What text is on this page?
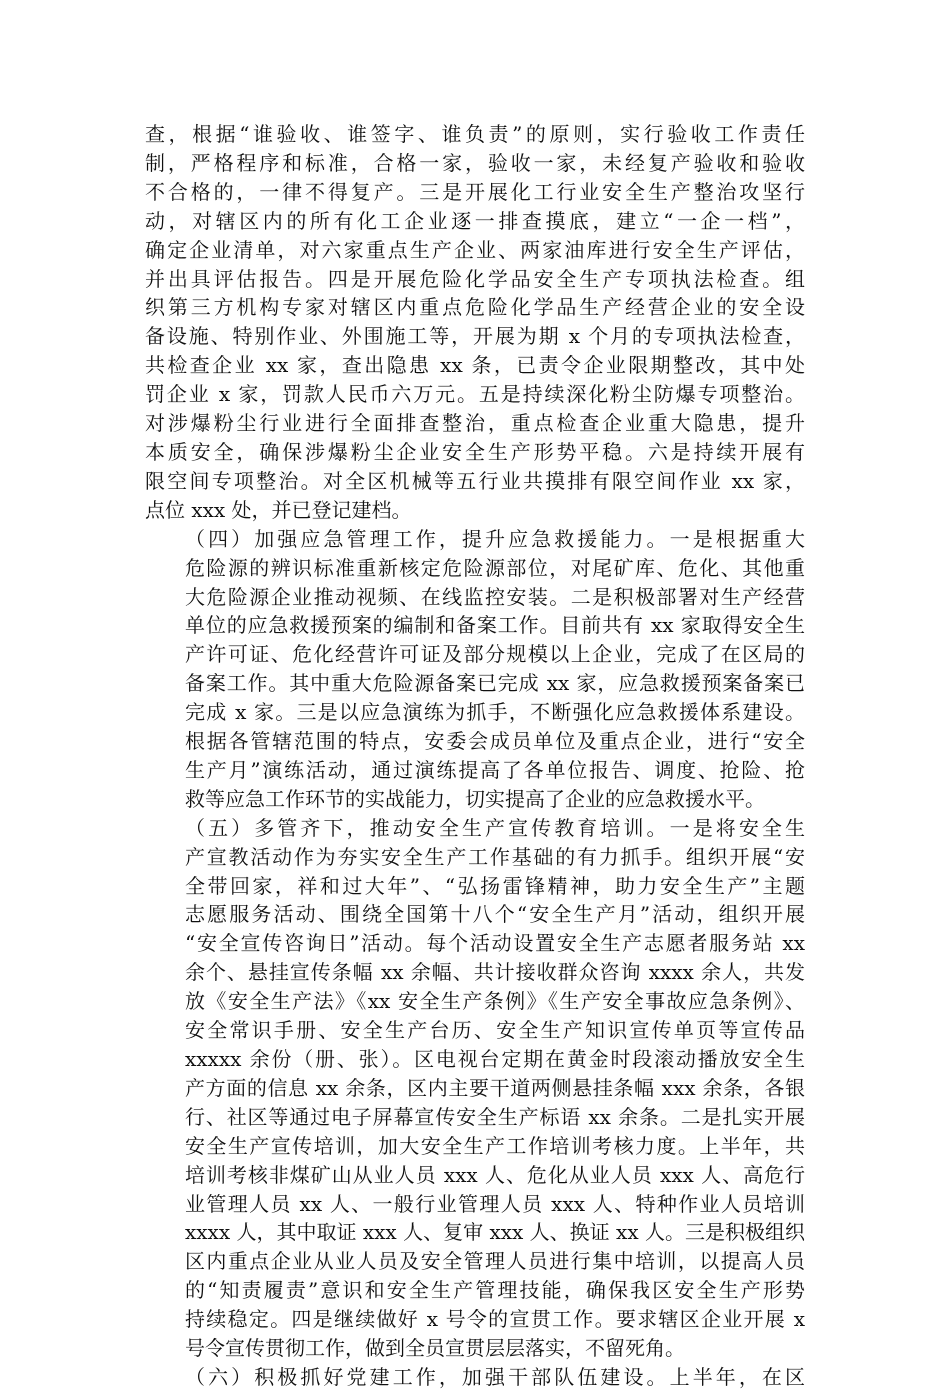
查，根据“谁验收、谁签字、谁负责”的原则，实行验收工作责任
制，严格程序和标准，合格一家，验收一家，未经复产验收和验收
不合格的，一律不得复产。三是开展化工行业安全生产整治攻坚行
动，对辖区内的所有化工企业逐一排查摸底，建立“一企一档”，
确定企业清单，对六家重点生产企业、两家油库进行安全生产评估，
并出具评估报告。四是开展危险化学品安全生产专项执法检查。组
织第三方机构专家对辖区内重点危险化学品生产经营企业的安全设
备设施、特别作业、外围施工等，开展为期 x 个月的专项执法检查，
共检查企业 xx 家，查出隐患 xx 条，已责令企业限期整改，其中处
罚企业 x 家，罚款人民币六万元。五是持续深化粉尘防爆专项整治。
对涉爆粉尘行业进行全面排查整治，重点检查企业重大隐患，提升
本质安全，确保涉爆粉尘企业安全生产形势平稳。六是持续开展有
限空间专项整治。对全区机械等五行业共摸排有限空间作业 xx 家，
点位 xxx 处，并已登记建档。
（四）加强应急管理工作，提升应急救援能力。一是根据重大
危险源的辨识标准重新核定危险源部位，对尾矿库、危化、其他重
大危险源企业推动视频、在线监控安装。二是积极部署对生产经营
单位的应急救援预案的编制和备案工作。目前共有 xx 家取得安全生
产许可证、危化经营许可证及部分规模以上企业，完成了在区局的
备案工作。其中重大危险源备案已完成 xx 家，应急救援预案备案已
完成 x 家。三是以应急演练为抓手，不断强化应急救援体系建设。
根据各管辖范围的特点，安委会成员单位及重点企业，进行“安全
生产月”演练活动，通过演练提高了各单位报告、调度、抢险、抢
救等应急工作环节的实战能力，切实提高了企业的应急救援水平。
（五）多管齐下，推动安全生产宣传教育培训。一是将安全生
产宣教活动作为夯实安全生产工作基础的有力抓手。组织开展“安
全带回家，祥和过大年”、“弘扬雷锋精神，助力安全生产”主题
志愿服务活动、围绕全国第十八个“安全生产月”活动，组织开展
“安全宣传咨询日”活动。每个活动设置安全生产志愿者服务站 xx
余个、悬挂宣传条幅 xx 余幅、共计接收群众咨询 xxxx 余人，共发
放《安全生产法》《xx 安全生产条例》《生产安全事故应急条例》、
安全常识手册、安全生产台历、安全生产知识宣传单页等宣传品
xxxxx 余份（册、张）。区电视台定期在黄金时段滚动播放安全生
产方面的信息 xx 余条，区内主要干道两侧悬挂条幅 xxx 余条，各银
行、社区等通过电子屏幕宣传安全生产标语 xx 余条。二是扎实开展
安全生产宣传培训，加大安全生产工作培训考核力度。上半年，共
培训考核非煤矿山从业人员 xxx 人、危化从业人员 xxx 人、高危行
业管理人员 xx 人、一般行业管理人员 xxx 人、特种作业人员培训
xxxx 人，其中取证 xxx 人、复审 xxx 人、换证 xx 人。三是积极组织
区内重点企业从业人员及安全管理人员进行集中培训，以提高人员
的“知责履责”意识和安全生产管理技能，确保我区安全生产形势
持续稳定。四是继续做好 x 号令的宣贯工作。要求辖区企业开展 x
号令宣传贯彻工作，做到全员宣贯层层落实，不留死角。
（六）积极抓好党建工作，加强干部队伍建设。上半年，在区
